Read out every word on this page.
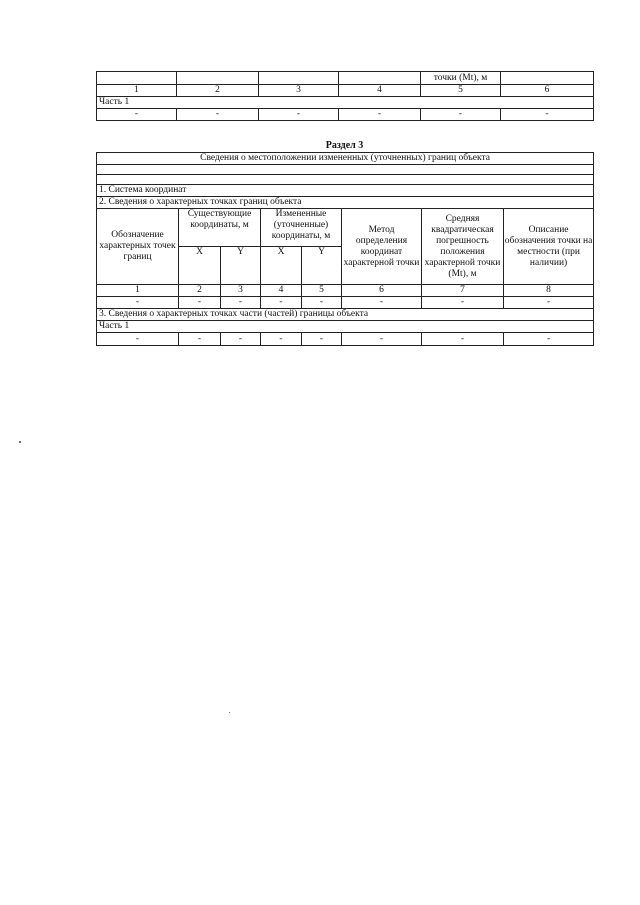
				точки (Mt), м	
1	2	3	4	5	6
Часть 1					
-	-	-	-	-	-
Раздел 3
Сведения о местоположении измененных (уточненных) границ объекта							

1. Система координат							
2. Сведения о характерных точках границ объекта							
Обозначение характерных точек границ	Существующие координаты, м		Измененные (уточненные) координаты, м		Метод определения координат характерной точки	Средняя квадратическая погрешность положения характерной точки (Mt), м	Описание обозначения точки на местности (при наличии)
	X	Y	X	Y			
1	2	3	4	5	6	7	8
-	-	-	-	-	-	-	-
3. Сведения о характерных точках части (частей) границы объекта							
Часть 1							
-	-	-	-	-	-	-	-
